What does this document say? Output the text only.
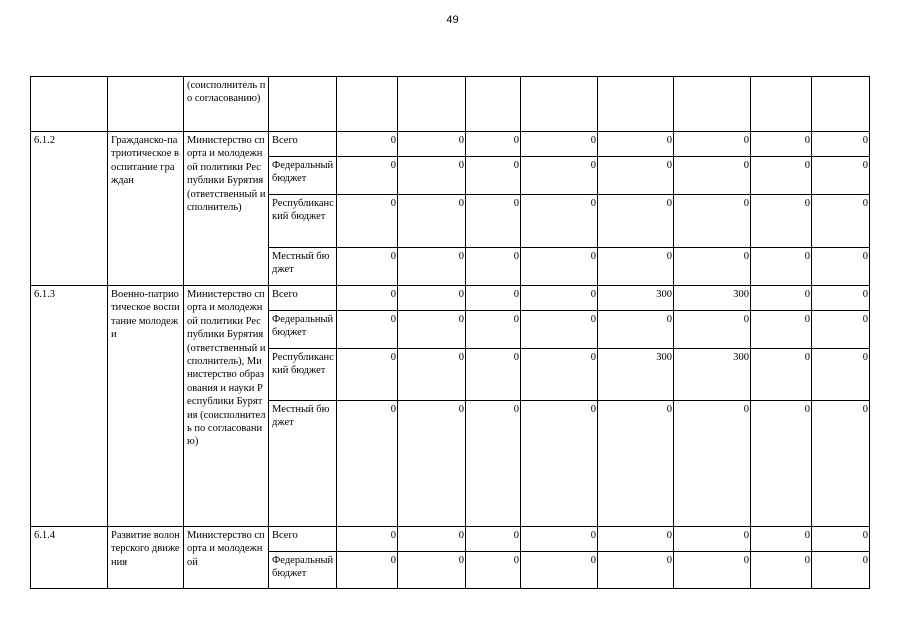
49
		(соисполнитель по согласованию)									
6.1.2	Гражданско-патриотическое воспитание граждан	Министерство спорта и молодежной политики Республики Бурятия (ответственный исполнитель)	Всего	0	0	0	0	0	0	0	0
			Федеральный бюджет	0	0	0	0	0	0	0	0
			Республиканский бюджет	0	0	0	0	0	0	0	0
			Местный бюджет	0	0	0	0	0	0	0	0
6.1.3	Военно-патриотическое воспитание молодежи	Министерство спорта и молодежной политики Республики Бурятия (ответственный исполнитель), Министерство образования и науки Республики Бурятия (соисполнитель по согласованию)	Всего	0	0	0	0	300	300	0	0
			Федеральный бюджет	0	0	0	0	0	0	0	0
			Республиканский бюджет	0	0	0	0	300	300	0	0
			Местный бюджет	0	0	0	0	0	0	0	0
6.1.4	Развитие волонтерского движения	Министерство спорта и молодежной	Всего	0	0	0	0	0	0	0	0
			Федеральный бюджет	0	0	0	0	0	0	0	0
